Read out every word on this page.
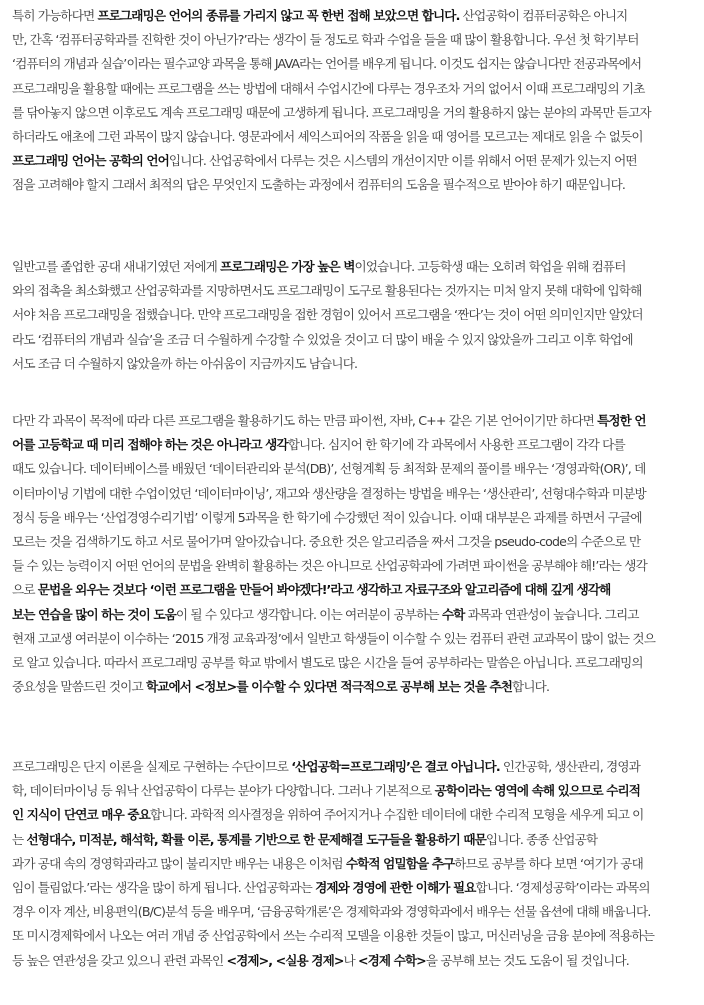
특히 가능하다면 프로그래밍은 언어의 종류를 가리지 않고 꼭 한번 접해 보았으면 합니다. 산업공학이 컴퓨터공학은 아니지
만, 간혹 ‘컴퓨터공학과를 진학한 것이 아닌가?’라는 생각이 들 정도로 학과 수업을 들을 때 많이 활용합니다. 우선 첫 학기부터
‘컴퓨터의 개념과 실습’이라는 필수교양 과목을 통해 JAVA라는 언어를 배우게 됩니다. 이것도 쉽지는 않습니다만 전공과목에서
프로그래밍을 활용할 때에는 프로그램을 쓰는 방법에 대해서 수업시간에 다루는 경우조차 거의 없어서 이때 프로그래밍의 기초
를 닦아놓지 않으면 이후로도 계속 프로그래밍 때문에 고생하게 됩니다. 프로그래밍을 거의 활용하지 않는 분야의 과목만 듣고자
하더라도 애초에 그런 과목이 많지 않습니다. 영문과에서 셰익스피어의 작품을 읽을 때 영어를 모르고는 제대로 읽을 수 없듯이
프로그래밍 언어는 공학의 언어입니다. 산업공학에서 다루는 것은 시스템의 개선이지만 이를 위해서 어떤 문제가 있는지 어떤
점을 고려해야 할지 그래서 최적의 답은 무엇인지 도출하는 과정에서 컴퓨터의 도움을 필수적으로 받아야 하기 때문입니다.
일반고를 졸업한 공대 새내기였던 저에게 프로그래밍은 가장 높은 벽이었습니다. 고등학생 때는 오히려 학업을 위해 컴퓨터
와의 접촉을 최소화했고 산업공학과를 지망하면서도 프로그래밍이 도구로 활용된다는 것까지는 미처 알지 못해 대학에 입학해
서야 처음 프로그래밍을 접했습니다. 만약 프로그래밍을 접한 경험이 있어서 프로그램을 ‘짠다’는 것이 어떤 의미인지만 알았더
라도 ‘컴퓨터의 개념과 실습’을 조금 더 수월하게 수강할 수 있었을 것이고 더 많이 배울 수 있지 않았을까 그리고 이후 학업에
서도 조금 더 수월하지 않았을까 하는 아쉬움이 지금까지도 남습니다.
다만 각 과목이 목적에 따라 다른 프로그램을 활용하기도 하는 만큼 파이썬, 자바, C++ 같은 기본 언어이기만 하다면 특정한 언
어를 고등학교 때 미리 접해야 하는 것은 아니라고 생각합니다. 심지어 한 학기에 각 과목에서 사용한 프로그램이 각각 다를
때도 있습니다. 데이터베이스를 배웠던 ‘데이터관리와 분석(DB)’, 선형계획 등 최적화 문제의 풀이를 배우는 ‘경영과학(OR)’, 데
이터마이닝 기법에 대한 수업이었던 ‘데이터마이닝’, 재고와 생산량을 결정하는 방법을 배우는 ‘생산관리’, 선형대수학과 미분방
정식 등을 배우는 ‘산업경영수리기법’ 이렇게 5과목을 한 학기에 수강했던 적이 있습니다. 이때 대부분은 과제를 하면서 구글에
모르는 것을 검색하기도 하고 서로 물어가며 알아갔습니다. 중요한 것은 알고리즘을 짜서 그것을 pseudo-code의 수준으로 만
들 수 있는 능력이지 어떤 언어의 문법을 완벽히 활용하는 것은 아니므로 산업공학과에 가려면 파이썬을 공부해야 해!’라는 생각
으로 문법을 외우는 것보다 ‘이런 프로그램을 만들어 봐야겠다!’라고 생각하고 자료구조와 알고리즘에 대해 깊게 생각해
보는 연습을 많이 하는 것이 도움이 될 수 있다고 생각합니다. 이는 여러분이 공부하는 수학 과목과 연관성이 높습니다. 그리고
현재 고교생 여러분이 이수하는 ‘2015 개정 교육과정’에서 일반고 학생들이 이수할 수 있는 컴퓨터 관련 교과목이 많이 없는 것으
로 알고 있습니다. 따라서 프로그래밍 공부를 학교 밖에서 별도로 많은 시간을 들여 공부하라는 말씀은 아닙니다. 프로그래밍의
중요성을 말씀드린 것이고 학교에서 <정보>를 이수할 수 있다면 적극적으로 공부해 보는 것을 추천합니다.
프로그래밍은 단지 이론을 실제로 구현하는 수단이므로 ‘산업공학=프로그래밍’은 결코 아닙니다. 인간공학, 생산관리, 경영과
학, 데이터마이닝 등 워낙 산업공학이 다루는 분야가 다양합니다. 그러나 기본적으로 공학이라는 영역에 속해 있으므로 수리적
인 지식이 단연코 매우 중요합니다. 과학적 의사결정을 위하여 주어지거나 수집한 데이터에 대한 수리적 모형을 세우게 되고 이
는 선형대수, 미적분, 해석학, 확률 이론, 통계를 기반으로 한 문제해결 도구들을 활용하기 때문입니다. 종종 산업공학
과가 공대 속의 경영학과라고 많이 불리지만 배우는 내용은 이처럼 수학적 엄밀함을 추구하므로 공부를 하다 보면 ‘여기가 공대
임이 틀림없다.’라는 생각을 많이 하게 됩니다. 산업공학과는 경제와 경영에 관한 이해가 필요합니다. ‘경제성공학’이라는 과목의
경우 이자 계산, 비용편익(B/C)분석 등을 배우며, ‘금융공학개론’은 경제학과와 경영학과에서 배우는 선물 옵션에 대해 배웁니다.
또 미시경제학에서 나오는 여러 개념 중 산업공학에서 쓰는 수리적 모델을 이용한 것들이 많고, 머신러닝을 금융 분야에 적용하는
등 높은 연관성을 갖고 있으니 관련 과목인 <경제>, <실용 경제>나 <경제 수학>을 공부해 보는 것도 도움이 될 것입니다.
